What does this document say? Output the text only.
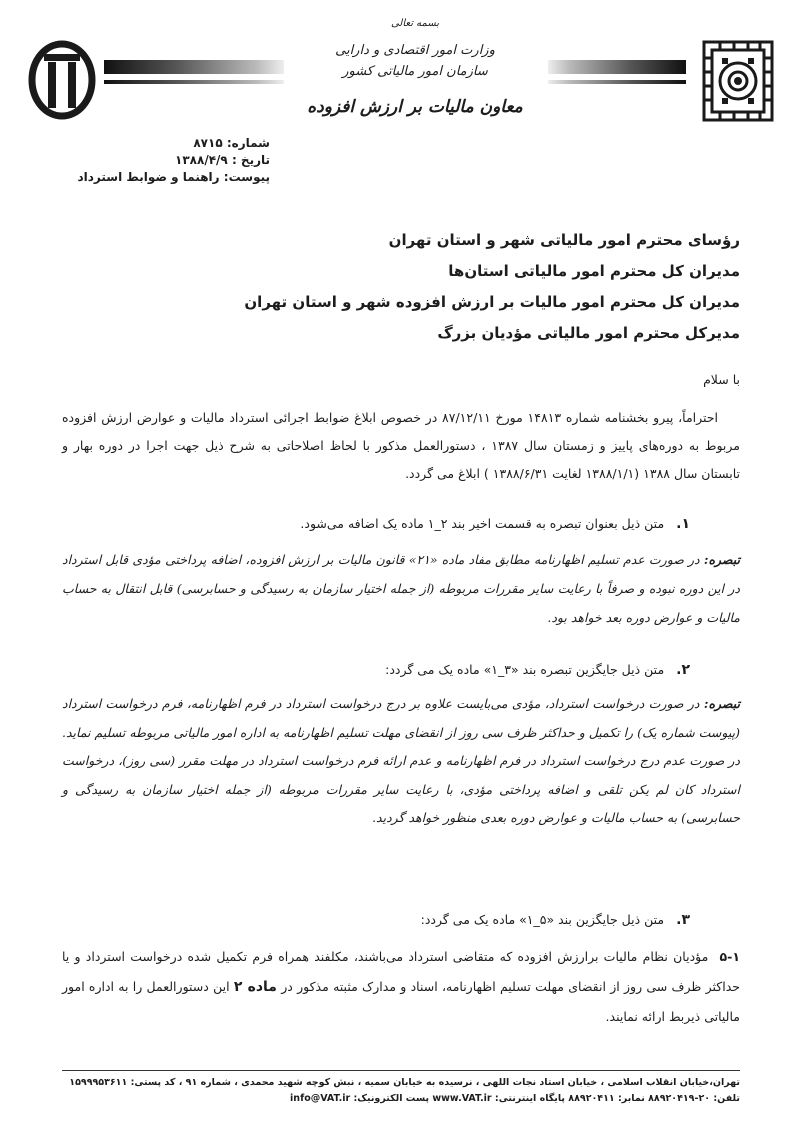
بسمه تعالی
وزارت امور اقتصادی و دارایی
سازمان امور مالیاتی کشور
معاون مالیات بر ارزش افزوده
شماره: ۸۷۱۵
تاریخ : ۱۳۸۸/۴/۹
پیوست: راهنما و ضوابط استرداد
رؤسای محترم امور مالیاتی شهر و استان تهران
مدیران کل محترم امور مالیاتی استان‌ها
مدیران کل محترم امور مالیات بر ارزش افزوده شهر و استان تهران
مدیرکل محترم امور مالیاتی مؤدیان بزرگ
با سلام
احتراماً، پیرو بخشنامه شماره ۱۴۸۱۳ مورخ ۸۷/۱۲/۱۱ در خصوص ابلاغ ضوابط اجرائی استرداد مالیات و عوارض ارزش افزوده مربوط به دوره‌های پاییز و زمستان سال ۱۳۸۷ ، دستورالعمل مذکور با لحاظ اصلاحاتی به شرح ذیل جهت اجرا در دوره بهار و تابستان سال ۱۳۸۸ (۱۳۸۸/۱/۱ لغایت ۱۳۸۸/۶/۳۱ ) ابلاغ می گردد.
۱. متن ذیل بعنوان تبصره به قسمت اخیر بند ۲_۱ ماده یک اضافه می‌شود.
تبصره: در صورت عدم تسلیم اظهارنامه مطابق مفاد ماده «۲۱» قانون مالیات بر ارزش افزوده، اضافه پرداختی مؤدی قابل استرداد در این دوره نبوده و صرفاً با رعایت سایر مقررات مربوطه (از جمله اختیار سازمان به رسیدگی و حسابرسی) قابل انتقال به حساب مالیات و عوارض دوره بعد خواهد بود.
۲. متن ذیل جایگزین تبصره بند «۳_۱» ماده یک می گردد:
تبصره: در صورت درخواست استرداد، مؤدی می‌بایست علاوه بر درج درخواست استرداد در فرم اظهارنامه، فرم درخواست استرداد (پیوست شماره یک) را تکمیل و حداکثر ظرف سی روز از انقضای مهلت تسلیم اظهارنامه به اداره امور مالیاتی مربوطه تسلیم نماید. در صورت عدم درج درخواست استرداد در فرم اظهارنامه و عدم ارائه فرم درخواست استرداد در مهلت مقرر (سی روز)، درخواست استرداد کان لم یکن تلقی و اضافه پرداختی مؤدی، با رعایت سایر مقررات مربوطه (از جمله اختیار سازمان به رسیدگی و حسابرسی) به حساب مالیات و عوارض دوره بعدی منظور خواهد گردید.
۳. متن ذیل جایگزین بند «۵_۱» ماده یک می گردد:
۵-۱ مؤدیان نظام مالیات برارزش افزوده که متقاضی استرداد می‌باشند، مکلفند همراه فرم تکمیل شده درخواست استرداد و یا حداکثر ظرف سی روز از انقضای مهلت تسلیم اظهارنامه، اسناد و مدارک مثبته مذکور در ماده ۲ این دستورالعمل را به اداره امور مالیاتی ذیربط ارائه نمایند.
تهران،خیابان انقلاب اسلامی ، خیابان استاد نجات اللهی ، نرسیده به خیابان سمیه ، نبش کوچه شهید محمدی ، شماره ۹۱ ، کد پستی: ۱۵۹۹۹۵۳۶۱۱
تلفن: ۲۰-۸۸۹۲۰۴۱۹ نمابر: ۸۸۹۲۰۴۱۱ پایگاه اینترنتی: www.VAT.ir پست الکترونیک: info@VAT.ir
